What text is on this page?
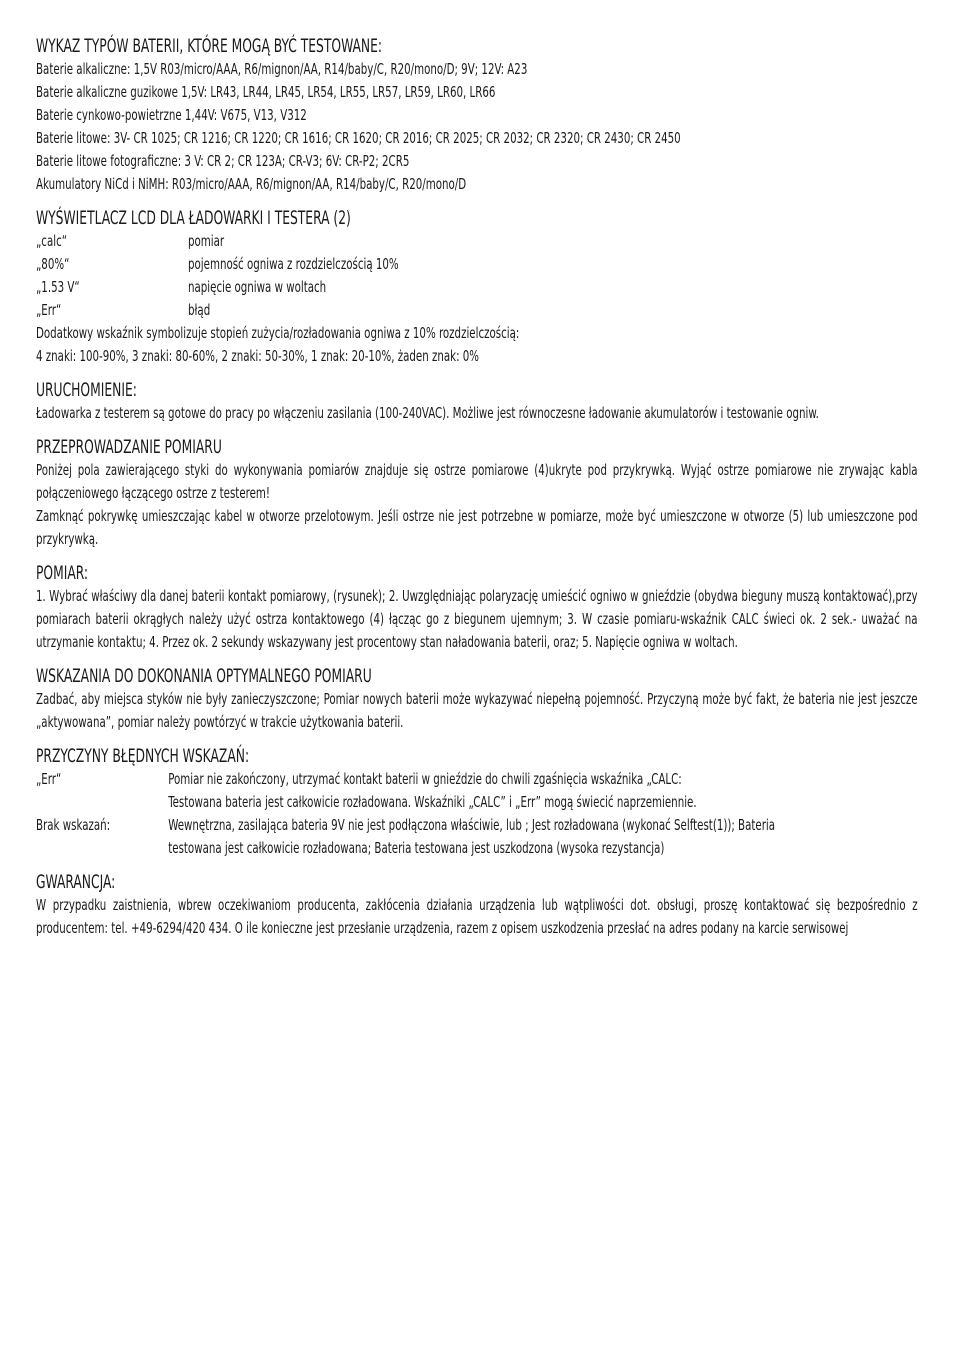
WYKAZ TYPÓW BATERII, KTÓRE MOGĄ BYĆ TESTOWANE:
Baterie alkaliczne: 1,5V R03/micro/AAA, R6/mignon/AA, R14/baby/C, R20/mono/D; 9V; 12V: A23
Baterie alkaliczne guzikowe 1,5V: LR43, LR44, LR45, LR54, LR55, LR57, LR59, LR60, LR66
Baterie cynkowo-powietrzne 1,44V: V675, V13, V312
Baterie litowe: 3V- CR 1025; CR 1216; CR 1220; CR 1616; CR 1620; CR 2016; CR 2025; CR 2032; CR 2320; CR 2430; CR 2450
Baterie litowe fotograficzne: 3 V: CR 2; CR 123A; CR-V3; 6V: CR-P2; 2CR5
Akumulatory NiCd i NiMH: R03/micro/AAA, R6/mignon/AA, R14/baby/C, R20/mono/D
WYŚWIETLACZ LCD DLA ŁADOWARKI I TESTERA (2)
„calc“	pomiar
„80%“	pojemność ogniwa z rozdzielczością 10%
„1.53 V“	napięcie ogniwa w woltach
„Err“	błąd
Dodatkowy wskaźnik symbolizuje stopień zużycia/rozładowania ogniwa z 10% rozdzielczością:
4 znaki: 100-90%, 3 znaki: 80-60%, 2 znaki: 50-30%, 1 znak: 20-10%, żaden znak: 0%
URUCHOMIENIE:

Ładowarka z testerem są gotowe do pracy po włączeniu zasilania (100-240VAC). Możliwe jest równoczesne ładowanie akumulatorów i testowanie ogniw.

PRZEPROWADZANIE POMIARU

Poniżej pola zawierającego styki do wykonywania pomiarów znajduje się ostrze pomiarowe (4)ukryte pod przykrywką. Wyjąć ostrze pomiarowe nie zrywając kabla połączeniowego łączącego ostrze z testerem!

Zamknąć pokrywkę umieszczając kabel w otworze przelotowym. Jeśli ostrze nie jest potrzebne w pomiarze, może być umieszczone w otworze (5) lub umieszczone pod przykrywką.

POMIAR:

1. Wybrać właściwy dla danej baterii kontakt pomiarowy, (rysunek); 2. Uwzględniając polaryzację umieścić ogniwo w gnieździe (obydwa bieguny muszą kontaktować),przy pomiarach baterii okrągłych należy użyć ostrza kontaktowego (4) łącząc go z biegunem ujemnym; 3. W czasie pomiaru-wskaźnik CALC świeci ok. 2 sek.- uważać na utrzymanie kontaktu; 4. Przez ok. 2 sekundy wskazywany jest procentowy stan naładowania baterii, oraz; 5. Napięcie ogniwa w woltach.

WSKAZANIA DO DOKONANIA OPTYMALNEGO POMIARU

Zadbać, aby miejsca styków nie były zanieczyszczone; Pomiar nowych baterii może wykazywać niepełną pojemność. Przyczyną może być fakt, że bateria nie jest jeszcze „aktywowana”, pomiar należy powtórzyć w trakcie użytkowania baterii.

PRZYCZYNY BŁĘDNYCH WSKAZAŃ:
„Err“	Pomiar nie zakończony, utrzymać kontakt baterii w gnieździe do chwili zgaśnięcia wskaźnika „CALC:
Testowana bateria jest całkowicie rozładowana. Wskaźniki „CALC” i „Err” mogą świecić naprzemiennie.
Brak wskazań:	Wewnętrzna, zasilająca bateria 9V nie jest podłączona właściwie, lub ; Jest rozładowana (wykonać Selftest(1)); Bateria
testowana jest całkowicie rozładowana; Bateria testowana jest uszkodzona (wysoka rezystancja)
GWARANCJA:

W przypadku zaistnienia, wbrew oczekiwaniom producenta, zakłócenia działania urządzenia lub wątpliwości dot. obsługi, proszę kontaktować się bezpośrednio z producentem: tel. +49-6294/420 434. O ile konieczne jest przesłanie urządzenia, razem z opisem uszkodzenia przesłać na adres podany na karcie serwisowej
